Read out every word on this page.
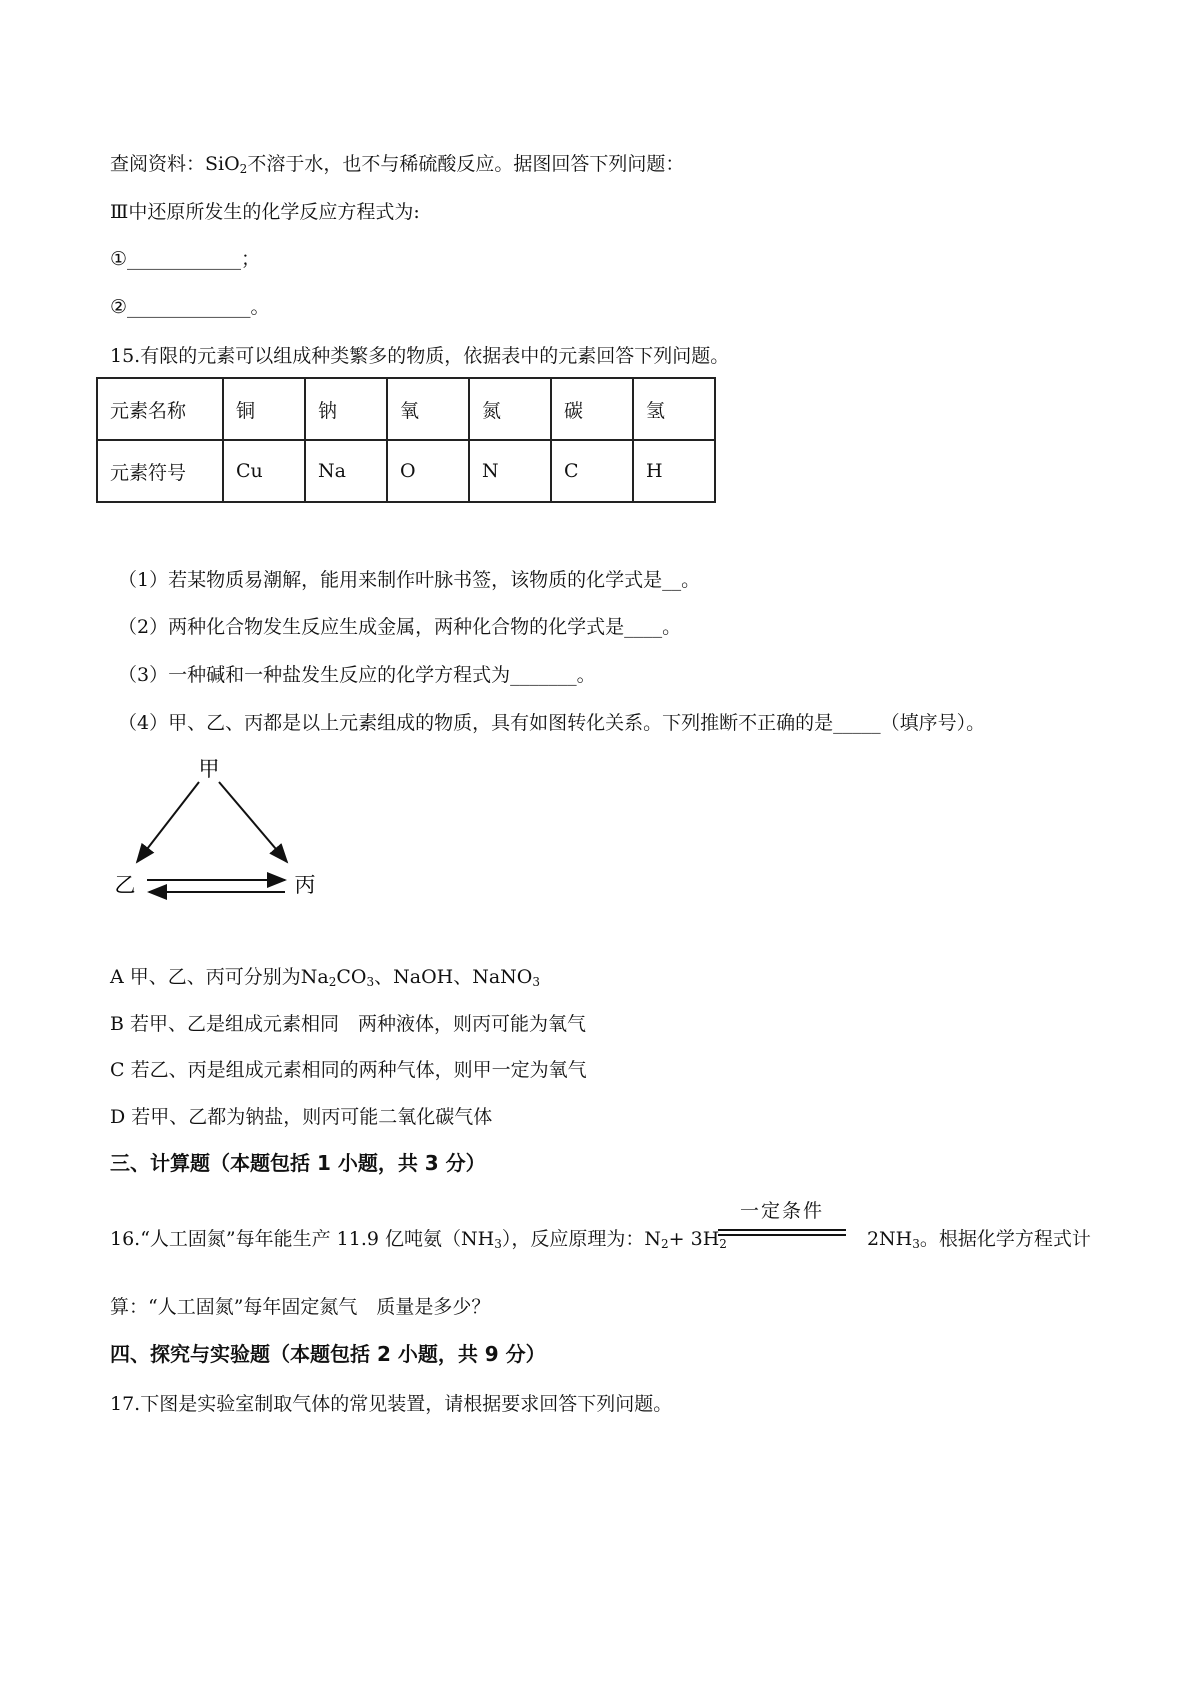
查阅资料：SiO$_2$不溶于水，也不与稀硫酸反应。据图回答下列问题：
Ⅲ中还原所发生的化学反应方程式为:
①____________；
②_____________。
15.有限的元素可以组成种类繁多的物质，依据表中的元素回答下列问题。
元素名称	铜	钠	氧	氮	碳	氢
元素符号	Cu	Na	O	N	C	H
（1）若某物质易潮解，能用来制作叶脉书签，该物质的化学式是__。
（2）两种化合物发生反应生成金属，两种化合物的化学式是____。
（3）一种碱和一种盐发生反应的化学方程式为_______。
（4）甲、乙、丙都是以上元素组成的物质，具有如图转化关系。下列推断不正确的是_____（填序号）。
甲
乙	丙
A 甲、乙、丙可分别为$Na_2CO_3$、NaOH、NaNO$_3$
B 若甲、乙是组成元素相同　两种液体，则丙可能为氧气
C 若乙、丙是组成元素相同的两种气体，则甲一定为氧气
D 若甲、乙都为钠盐，则丙可能二氧化碳气体
三、计算题（本题包括 1 小题，共 3 分）
16.“人工固氮”每年能生产 11.9 亿吨氨$(NH_3)$，反应原理为：$N_2+ 3H_2$	$2NH_3$。根据化学方程式计
一定条件
算：“人工固氮”每年固定氮气　质量是多少？
四、探究与实验题（本题包括 2 小题，共 9 分）
17.下图是实验室制取气体的常见装置，请根据要求回答下列问题。
